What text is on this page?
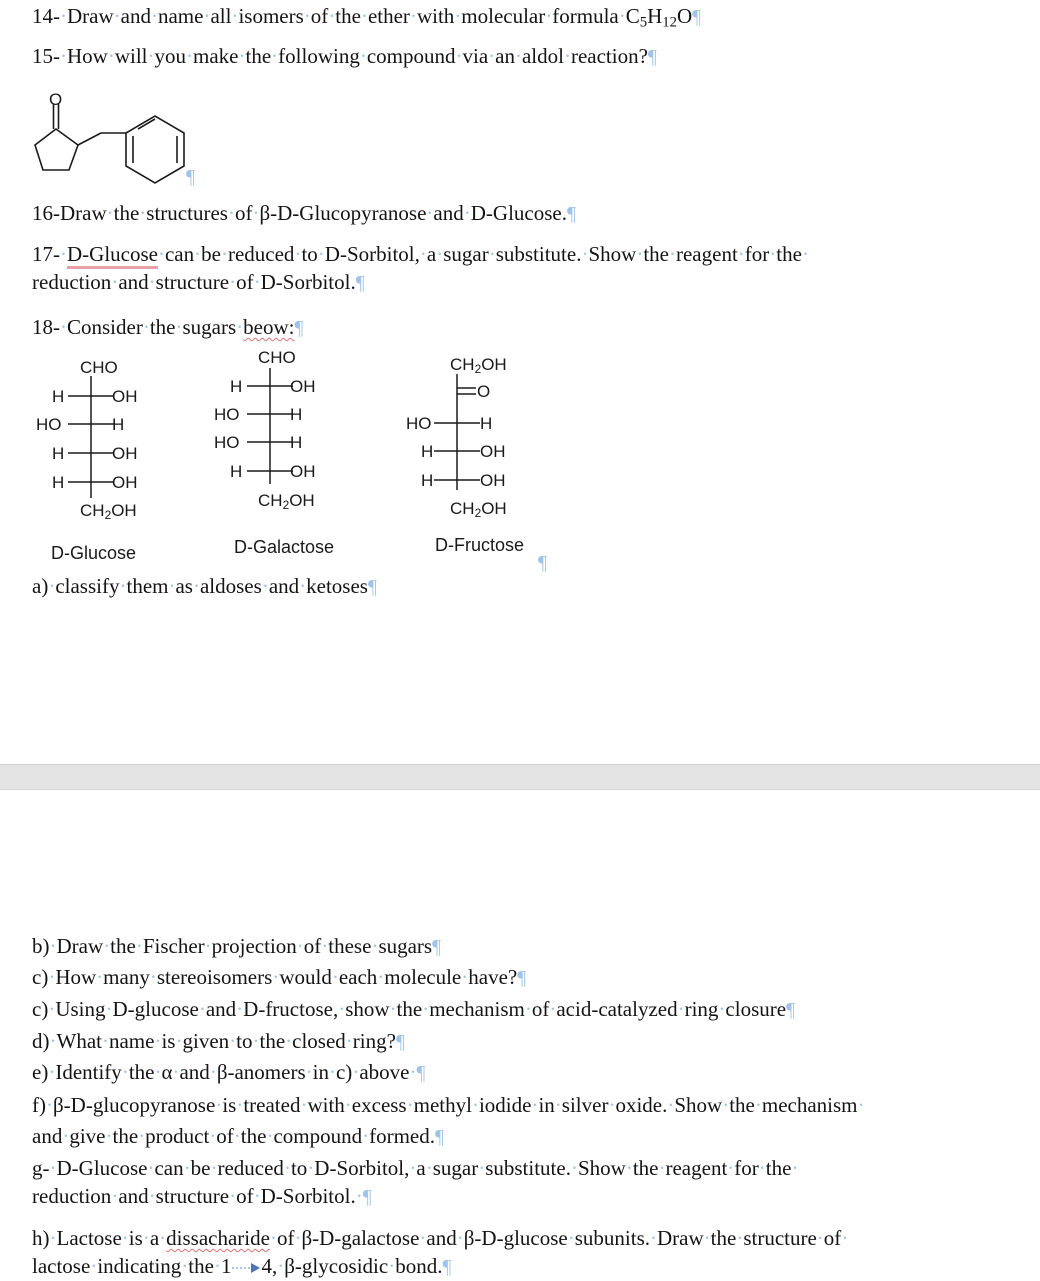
$14-\cdot Draw\cdot and\cdot name\cdot all\cdot isomers\cdot of\cdot the\cdot ether\cdot with\cdot molecular\cdot formula\cdot C_5H_{12}O\P$
15-·How·will·you·make·the·following·compound·via·an·aldol·reaction?¶
O
¶
16-Draw·the·structures·of·β-D-Glucopyranose·and·D-Glucose.¶
17-·D-Glucose·can·be·reduced·to·D-Sorbitol,·a·sugar·substitute.·Show·the·reagent·for·the·
reduction·and·structure·of·D-Sorbitol.¶
18-·Consider·the·sugars·beow:¶
CHO
H	OH
HO	H
H	OH
H	OH
$CH_2OH$
D-Glucose
CHO
H	OH
HO	H
HO	H
H	OH
$CH_2OH$
D-Galactose
$CH_2OH$
O
HO	H
H	OH
H	OH
$CH_2OH$
D-Fructose
¶
a)·classify·them·as·aldoses·and·ketoses¶
b)·Draw·the·Fischer·projection·of·these·sugars¶
c)·How·many·stereoisomers·would·each·molecule·have?¶
c)·Using·D-glucose·and·D-fructose,·show·the·mechanism·of·acid-catalyzed·ring·closure¶
d)·What·name·is·given·to·the·closed·ring?¶
e)·Identify·the·α·and·β-anomers·in·c)·above·¶
f)·β-D-glucopyranose·is·treated·with·excess·methyl·iodide·in·silver·oxide.·Show·the·mechanism·
and·give·the·product·of·the·compound·formed.¶
g-·D-Glucose·can·be·reduced·to·D-Sorbitol,·a·sugar·substitute.·Show·the·reagent·for·the·
reduction·and·structure·of·D-Sorbitol.·¶
h)·Lactose·is·a·dissacharide·of·β-D-galactose·and·β-D-glucose·subunits.·Draw·the·structure·of·
lactose·indicating·the·1 4,·β-glycosidic·bond.¶
